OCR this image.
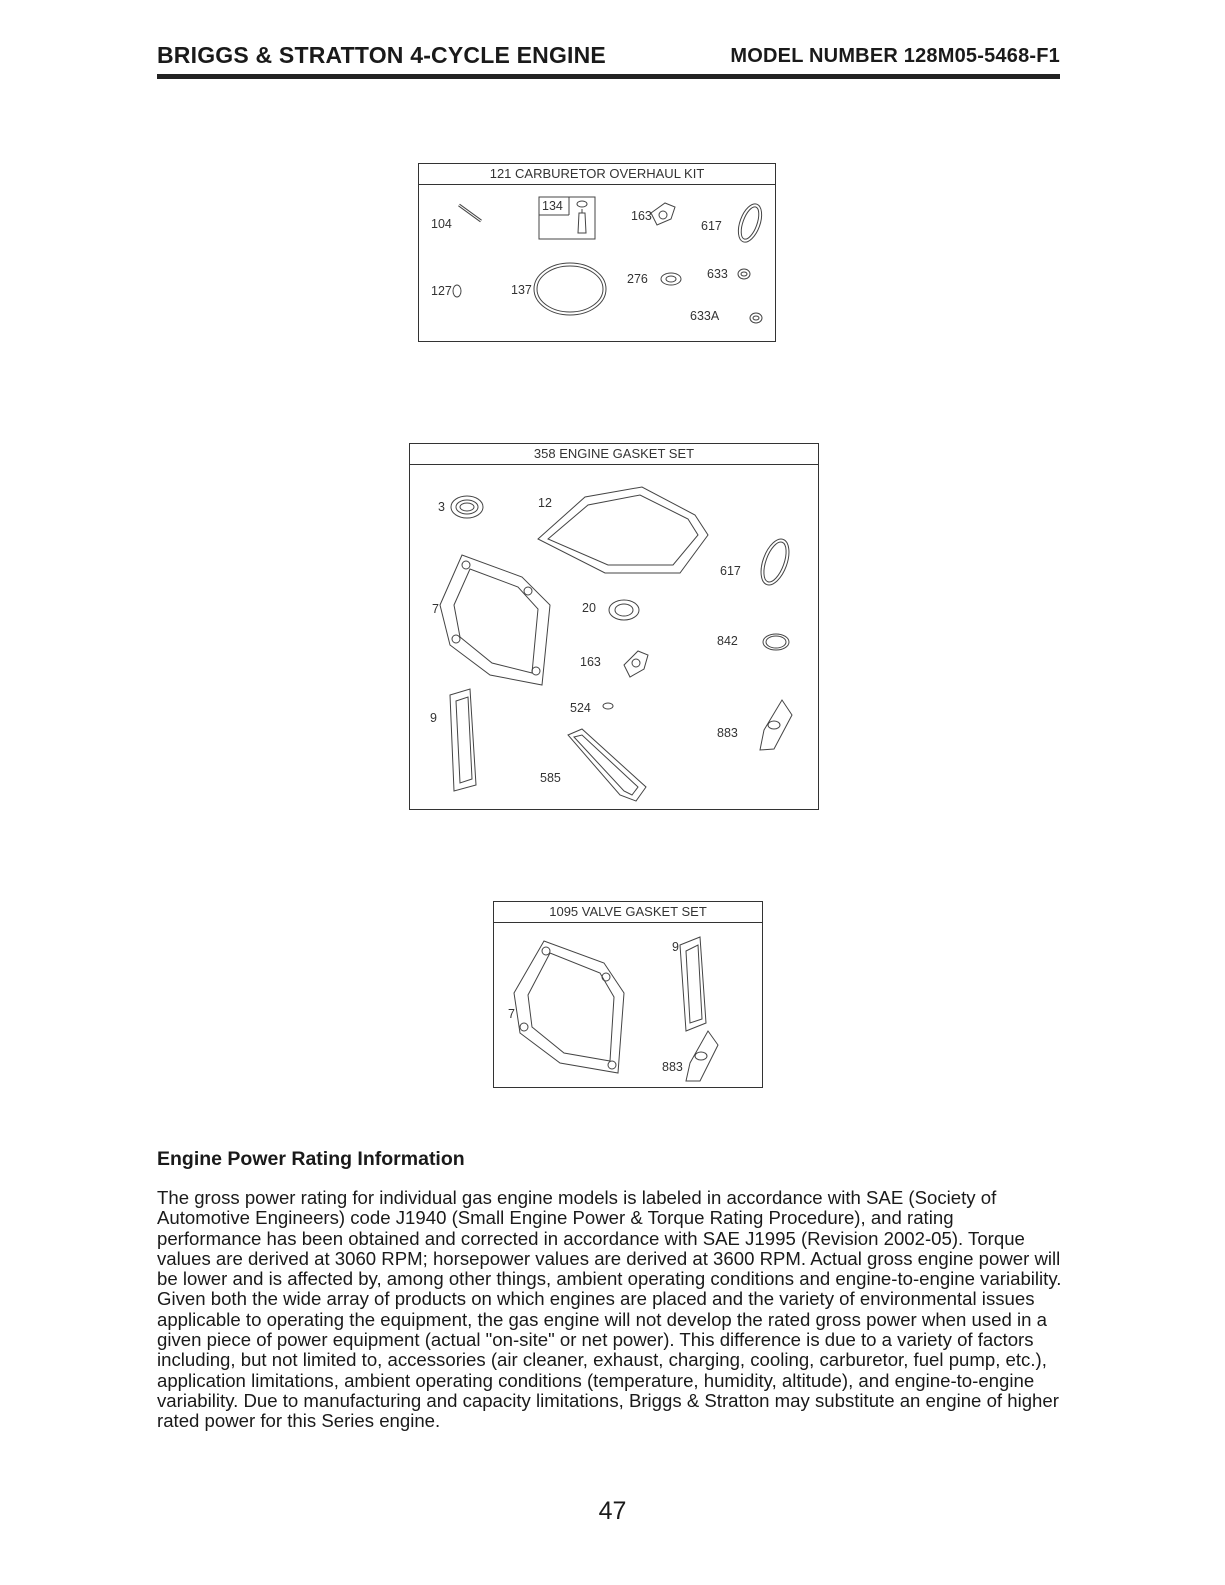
BRIGGS & STRATTON 4-CYCLE ENGINE	MODEL NUMBER 128M05-5468-F1
121 CARBURETOR OVERHAUL KIT
104
134
163
617
127	137
276	633
633A
358 ENGINE GASKET SET
3	12
617
7	20
842
163
9
524
883
585
1095 VALVE GASKET SET
9
7
883
Engine Power Rating Information

The gross power rating for individual gas engine models is labeled in accordance with SAE (Society of Automotive Engineers) code J1940 (Small Engine Power & Torque Rating Procedure), and rating performance has been obtained and corrected in accordance with SAE J1995 (Revision 2002-05). Torque values are derived at 3060 RPM; horsepower values are derived at 3600 RPM. Actual gross engine power will be lower and is affected by, among other things, ambient operating conditions and engine-to-engine variability. Given both the wide array of products on which engines are placed and the variety of environmental issues applicable to operating the equipment, the gas engine will not develop the rated gross power when used in a given piece of power equipment (actual "on-site" or net power). This difference is due to a variety of factors including, but not limited to, accessories (air cleaner, exhaust, charging, cooling, carburetor, fuel pump, etc.), application limitations, ambient operating conditions (temperature, humidity, altitude), and engine-to-engine variability. Due to manufacturing and capacity limitations, Briggs & Stratton may substitute an engine of higher rated power for this Series engine.

47
